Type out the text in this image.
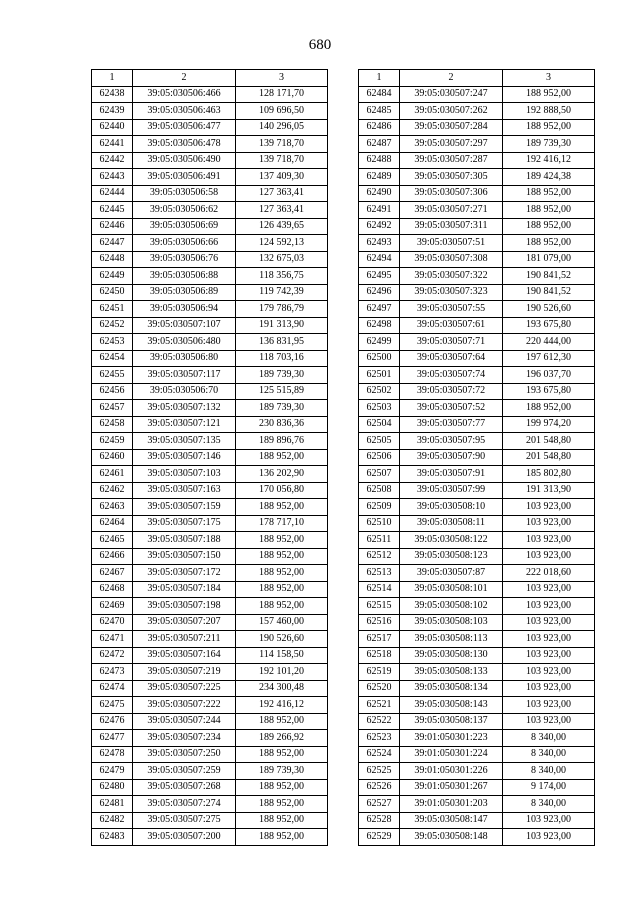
680
1	2	3
62438	39:05:030506:466	128 171,70
62439	39:05:030506:463	109 696,50
62440	39:05:030506:477	140 296,05
62441	39:05:030506:478	139 718,70
62442	39:05:030506:490	139 718,70
62443	39:05:030506:491	137 409,30
62444	39:05:030506:58	127 363,41
62445	39:05:030506:62	127 363,41
62446	39:05:030506:69	126 439,65
62447	39:05:030506:66	124 592,13
62448	39:05:030506:76	132 675,03
62449	39:05:030506:88	118 356,75
62450	39:05:030506:89	119 742,39
62451	39:05:030506:94	179 786,79
62452	39:05:030507:107	191 313,90
62453	39:05:030506:480	136 831,95
62454	39:05:030506:80	118 703,16
62455	39:05:030507:117	189 739,30
62456	39:05:030506:70	125 515,89
62457	39:05:030507:132	189 739,30
62458	39:05:030507:121	230 836,36
62459	39:05:030507:135	189 896,76
62460	39:05:030507:146	188 952,00
62461	39:05:030507:103	136 202,90
62462	39:05:030507:163	170 056,80
62463	39:05:030507:159	188 952,00
62464	39:05:030507:175	178 717,10
62465	39:05:030507:188	188 952,00
62466	39:05:030507:150	188 952,00
62467	39:05:030507:172	188 952,00
62468	39:05:030507:184	188 952,00
62469	39:05:030507:198	188 952,00
62470	39:05:030507:207	157 460,00
62471	39:05:030507:211	190 526,60
62472	39:05:030507:164	114 158,50
62473	39:05:030507:219	192 101,20
62474	39:05:030507:225	234 300,48
62475	39:05:030507:222	192 416,12
62476	39:05:030507:244	188 952,00
62477	39:05:030507:234	189 266,92
62478	39:05:030507:250	188 952,00
62479	39:05:030507:259	189 739,30
62480	39:05:030507:268	188 952,00
62481	39:05:030507:274	188 952,00
62482	39:05:030507:275	188 952,00
62483	39:05:030507:200	188 952,00
1	2	3
62484	39:05:030507:247	188 952,00
62485	39:05:030507:262	192 888,50
62486	39:05:030507:284	188 952,00
62487	39:05:030507:297	189 739,30
62488	39:05:030507:287	192 416,12
62489	39:05:030507:305	189 424,38
62490	39:05:030507:306	188 952,00
62491	39:05:030507:271	188 952,00
62492	39:05:030507:311	188 952,00
62493	39:05:030507:51	188 952,00
62494	39:05:030507:308	181 079,00
62495	39:05:030507:322	190 841,52
62496	39:05:030507:323	190 841,52
62497	39:05:030507:55	190 526,60
62498	39:05:030507:61	193 675,80
62499	39:05:030507:71	220 444,00
62500	39:05:030507:64	197 612,30
62501	39:05:030507:74	196 037,70
62502	39:05:030507:72	193 675,80
62503	39:05:030507:52	188 952,00
62504	39:05:030507:77	199 974,20
62505	39:05:030507:95	201 548,80
62506	39:05:030507:90	201 548,80
62507	39:05:030507:91	185 802,80
62508	39:05:030507:99	191 313,90
62509	39:05:030508:10	103 923,00
62510	39:05:030508:11	103 923,00
62511	39:05:030508:122	103 923,00
62512	39:05:030508:123	103 923,00
62513	39:05:030507:87	222 018,60
62514	39:05:030508:101	103 923,00
62515	39:05:030508:102	103 923,00
62516	39:05:030508:103	103 923,00
62517	39:05:030508:113	103 923,00
62518	39:05:030508:130	103 923,00
62519	39:05:030508:133	103 923,00
62520	39:05:030508:134	103 923,00
62521	39:05:030508:143	103 923,00
62522	39:05:030508:137	103 923,00
62523	39:01:050301:223	8 340,00
62524	39:01:050301:224	8 340,00
62525	39:01:050301:226	8 340,00
62526	39:01:050301:267	9 174,00
62527	39:01:050301:203	8 340,00
62528	39:05:030508:147	103 923,00
62529	39:05:030508:148	103 923,00
